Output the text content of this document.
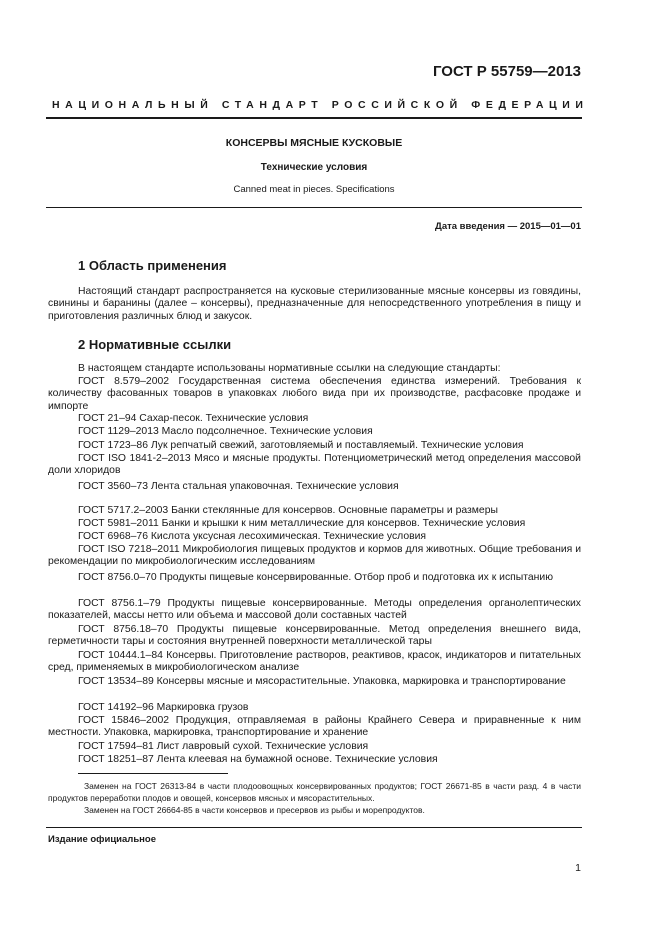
ГОСТ Р 55759—2013
НАЦИОНАЛЬНЫЙ СТАНДАРТ РОССИЙСКОЙ ФЕДЕРАЦИИ
КОНСЕРВЫ МЯСНЫЕ КУСКОВЫЕ
Технические условия
Canned meat in pieces. Specifications
Дата введения — 2015—01—01
1 Область применения

Настоящий стандарт распространяется на кусковые стерилизованные мясные консервы из говядины, свинины и баранины (далее – консервы), предназначенные для непосредственного употребления в пищу и приготовления различных блюд и закусок.

2 Нормативные ссылки

В настоящем стандарте использованы нормативные ссылки на следующие стандарты:

ГОСТ 8.579–2002 Государственная система обеспечения единства измерений. Требования к количеству фасованных товаров в упаковках любого вида при их производстве, расфасовке продаже и импорте

ГОСТ 21–94 Сахар-песок. Технические условия

ГОСТ 1129–2013 Масло подсолнечное. Технические условия

ГОСТ 1723–86 Лук репчатый свежий, заготовляемый и поставляемый. Технические условия

ГОСТ ISO 1841-2–2013 Мясо и мясные продукты. Потенциометрический метод определения массовой доли хлоридов

ГОСТ 3560–73 Лента стальная упаковочная. Технические условия

ГОСТ 5717.2–2003 Банки стеклянные для консервов. Основные параметры и размеры

ГОСТ 5981–2011 Банки и крышки к ним металлические для консервов. Технические условия

ГОСТ 6968–76 Кислота уксусная лесохимическая. Технические условия

ГОСТ ISO 7218–2011 Микробиология пищевых продуктов и кормов для животных. Общие требования и рекомендации по микробиологическим исследованиям

ГОСТ 8756.0–70 Продукты пищевые консервированные. Отбор проб и подготовка их к испытанию

ГОСТ 8756.1–79 Продукты пищевые консервированные. Методы определения органолептических показателей, массы нетто или объема и массовой доли составных частей

ГОСТ 8756.18–70 Продукты пищевые консервированные. Метод определения внешнего вида, герметичности тары и состояния внутренней поверхности металлической тары

ГОСТ 10444.1–84 Консервы. Приготовление растворов, реактивов, красок, индикаторов и питательных сред, применяемых в микробиологическом анализе

ГОСТ 13534–89 Консервы мясные и мясорастительные. Упаковка, маркировка и транспортирование

ГОСТ 14192–96 Маркировка грузов

ГОСТ 15846–2002 Продукция, отправляемая в районы Крайнего Севера и приравненные к ним местности. Упаковка, маркировка, транспортирование и хранение

ГОСТ 17594–81 Лист лавровый сухой. Технические условия

ГОСТ 18251–87 Лента клеевая на бумажной основе. Технические условия

Заменен на ГОСТ 26313-84 в части плодоовощных консервированных продуктов; ГОСТ 26671-85 в части разд. 4 в части продуктов переработки плодов и овощей, консервов мясных и мясорастительных.

Заменен на ГОСТ 26664-85 в части консервов и пресервов из рыбы и морепродуктов.

Издание официальное
1
